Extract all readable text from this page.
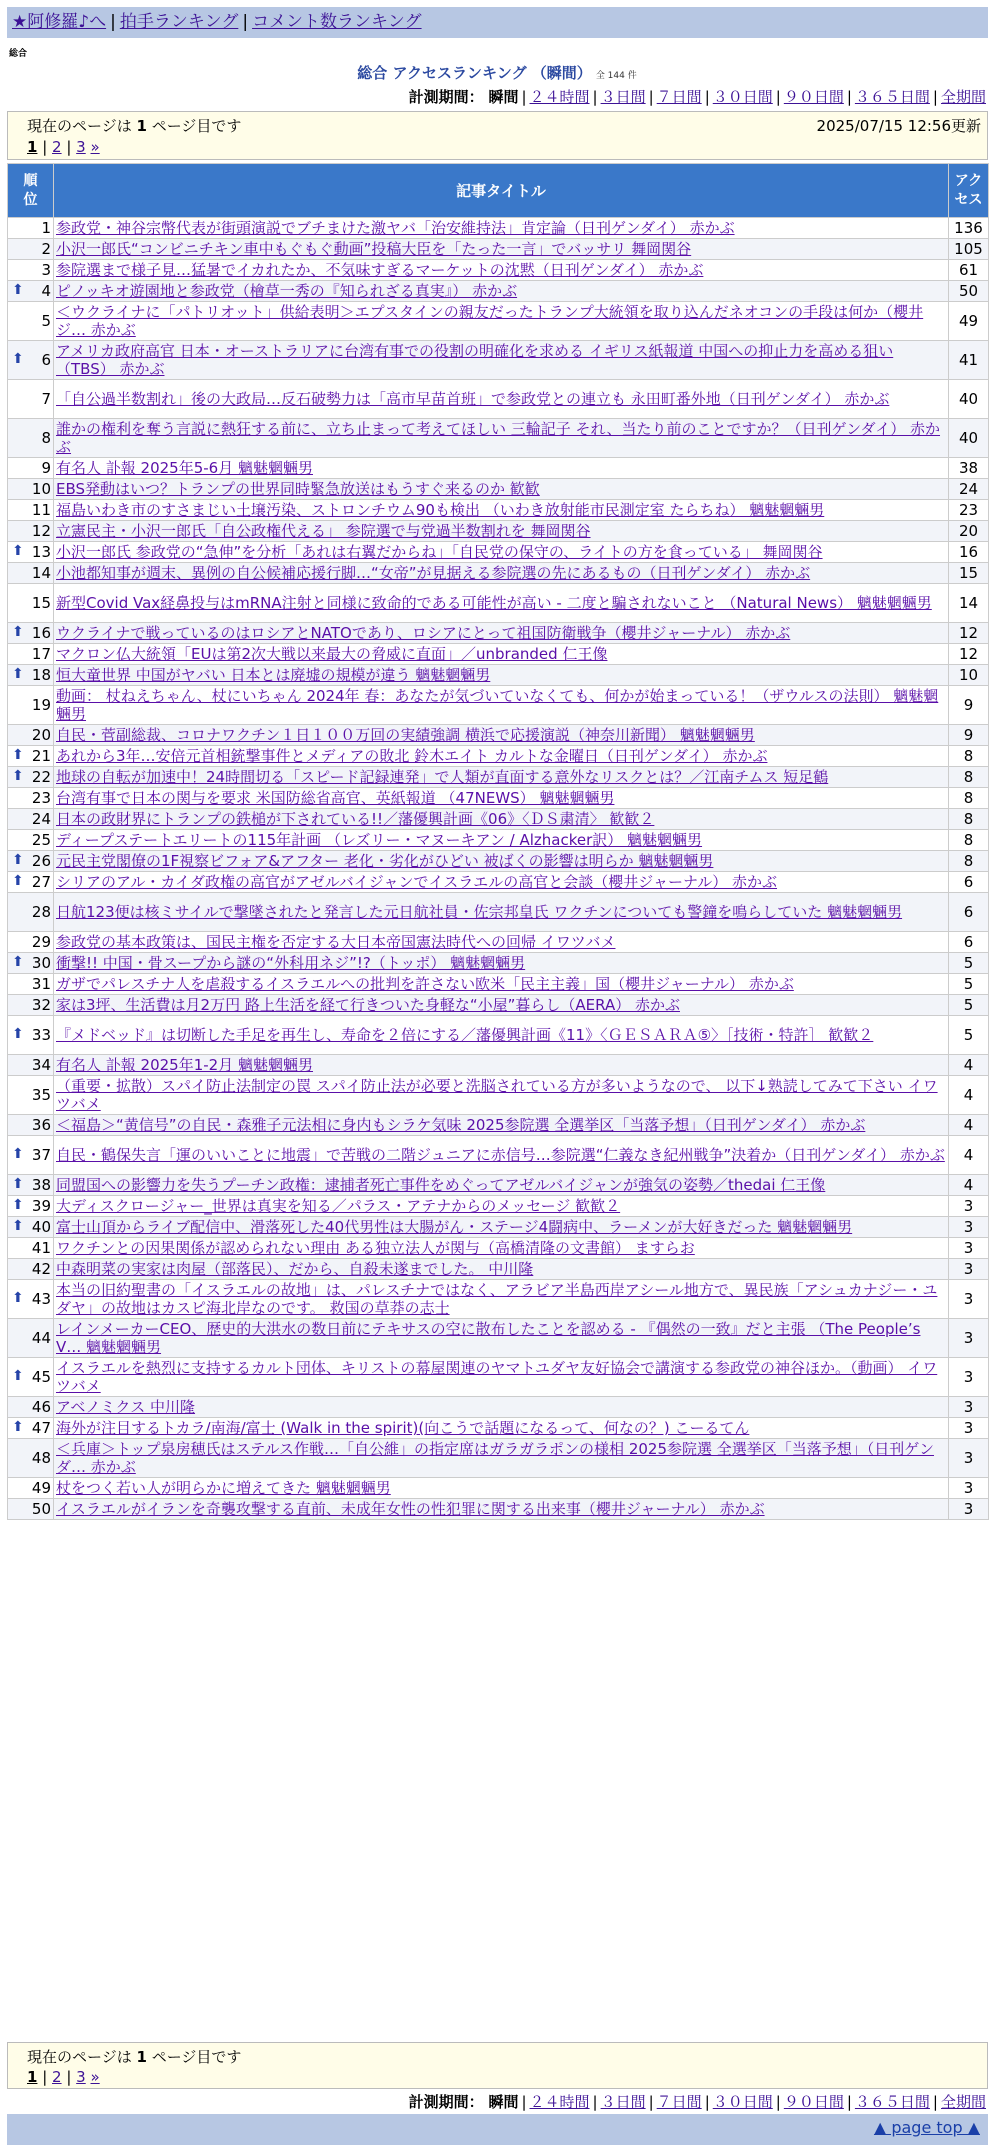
★阿修羅♪へ | 拍手ランキング | コメント数ランキング
総合
総合 アクセスランキング （瞬間） 全 144 件
計測期間： 瞬間 | ２４時間 | ３日間 | ７日間 | ３０日間 | ９０日間 | ３６５日間 | 全期間
現在のページは 1 ページ目です	2025/07/15 12:56更新
1 | 2 | 3 »
順
位	記事タイトル	アク
セス
1	参政党・神谷宗幣代表が街頭演説でブチまけた激ヤバ「治安維持法」肯定論（日刊ゲンダイ） 赤かぶ	136
2	小沢一郎氏“コンビニチキン車中もぐもぐ動画”投稿大臣を「たった一言」でバッサリ 舞岡関谷	105
3	参院選まで様子見…猛暑でイカれたか、不気味すぎるマーケットの沈黙（日刊ゲンダイ） 赤かぶ	61

⬆ 4	ピノッキオ遊園地と参政党（檜草一秀の『知られざる真実』） 赤かぶ	50
5	＜ウクライナに「パトリオット」供給表明＞エプスタインの親友だったトランプ大統領を取り込んだネオコンの手段は何か（櫻井ジ… 赤かぶ	49

⬆ 6	アメリカ政府高官 日本・オーストラリアに台湾有事での役割の明確化を求める イギリス紙報道 中国への抑止力を高める狙い（TBS） 赤かぶ	41
7	「自公過半数割れ」後の大政局…反石破勢力は「高市早苗首班」で参政党との連立も 永田町番外地（日刊ゲンダイ） 赤かぶ	40
8	誰かの権利を奪う言説に熱狂する前に、立ち止まって考えてほしい 三輪記子 それ、当たり前のことですか？（日刊ゲンダイ） 赤かぶ	40
9	有名人 訃報 2025年5-6月 魑魅魍魎男	38
10	EBS発動はいつ？トランプの世界同時緊急放送はもうすぐ来るのか 歓歓	24
11	福島いわき市のすさまじい土壌汚染、ストロンチウム90も検出 （いわき放射能市民測定室 たらちね） 魑魅魍魎男	23
12	立憲民主・小沢一郎氏「自公政権代える」 参院選で与党過半数割れを 舞岡関谷	20

⬆ 13	小沢一郎氏 参政党の“急伸”を分析「あれは右翼だからね」「自民党の保守の、ライトの方を食っている」 舞岡関谷	16
14	小池都知事が週末、異例の自公候補応援行脚…“女帝”が見据える参院選の先にあるもの（日刊ゲンダイ） 赤かぶ	15
15	新型Covid Vax経鼻投与はmRNA注射と同様に致命的である可能性が高い - 二度と騙されないこと （Natural News） 魑魅魍魎男	14

⬆ 16	ウクライナで戦っているのはロシアとNATOであり、ロシアにとって祖国防衛戦争（櫻井ジャーナル） 赤かぶ	12
17	マクロン仏大統領「EUは第2次大戦以来最大の脅威に直面」／unbranded 仁王像	12

⬆ 18	恒大童世界 中国がヤバい 日本とは廃墟の規模が違う 魑魅魍魎男	10
19	動画： 杖ねえちゃん、杖にいちゃん 2024年 春：あなたが気づいていなくても、何かが始まっている！（ザウルスの法則） 魑魅魍魎男	9
20	自民・菅副総裁、コロナワクチン１日１００万回の実績強調 横浜で応援演説（神奈川新聞） 魑魅魍魎男	9

⬆ 21	あれから3年…安倍元首相銃撃事件とメディアの敗北 鈴木エイト カルトな金曜日（日刊ゲンダイ） 赤かぶ	8

⬆ 22	地球の自転が加速中！24時間切る「スピード記録連発」で人類が直面する意外なリスクとは？／江南チムス 短足鶴	8
23	台湾有事で日本の関与を要求 米国防総省高官、英紙報道 （47NEWS） 魑魅魍魎男	8
24	日本の政財界にトランプの鉄槌が下されている!!／藩優興計画《06》〈ＤＳ粛清〉 歓歓２	8
25	ディープステートエリートの115年計画 （レズリー・マヌーキアン / Alzhacker訳） 魑魅魍魎男	8

⬆ 26	元民主党閣僚の1F視察ビフォア&アフター 老化・劣化がひどい 被ばくの影響は明らか 魑魅魍魎男	8

⬆ 27	シリアのアル・カイダ政権の高官がアゼルバイジャンでイスラエルの高官と会談（櫻井ジャーナル） 赤かぶ	6
28	日航123便は核ミサイルで撃墜されたと発言した元日航社員・佐宗邦皇氏 ワクチンについても警鐘を鳴らしていた 魑魅魍魎男	6
29	参政党の基本政策は、国民主権を否定する大日本帝国憲法時代への回帰 イワツバメ	6

⬆ 30	衝撃!! 中国・骨スープから謎の“外科用ネジ”!?（トッポ） 魑魅魍魎男	5
31	ガザでパレスチナ人を虐殺するイスラエルへの批判を許さない欧米「民主主義」国（櫻井ジャーナル） 赤かぶ	5
32	家は3坪、生活費は月2万円 路上生活を経て行きついた身軽な“小屋”暮らし（AERA） 赤かぶ	5

⬆ 33	『メドベッド』は切断した手足を再生し、寿命を２倍にする／藩優興計画《11》〈ＧＥＳＡＲＡ⑤〉［技術・特許］ 歓歓２	5
34	有名人 訃報 2025年1-2月 魑魅魍魎男	4
35	（重要・拡散）スパイ防止法制定の罠 スパイ防止法が必要と洗脳されている方が多いようなので、 以下↓熟読してみて下さい イワツバメ	4
36	＜福島＞“黄信号”の自民・森雅子元法相に身内もシラケ気味 2025参院選 全選挙区「当落予想」（日刊ゲンダイ） 赤かぶ	4

⬆ 37	自民・鶴保失言「運のいいことに地震」で苦戦の二階ジュニアに赤信号…参院選“仁義なき紀州戦争”決着か（日刊ゲンダイ） 赤かぶ	4

⬆ 38	同盟国への影響力を失うプーチン政権：逮捕者死亡事件をめぐってアゼルバイジャンが強気の姿勢／thedai 仁王像	4

⬆ 39	大ディスクロージャー_世界は真実を知る／パラス・アテナからのメッセージ 歓歓２	3

⬆ 40	富士山頂からライブ配信中、滑落死した40代男性は大腸がん・ステージ4闘病中、ラーメンが大好きだった 魑魅魍魎男	3
41	ワクチンとの因果関係が認められない理由 ある独立法人が関与（高橋清隆の文書館） ますらお	3
42	中森明菜の実家は肉屋（部落民）、だから、自殺未遂までした。 中川隆	3

⬆ 43	本当の旧約聖書の「イスラエルの故地」は、パレスチナではなく、アラビア半島西岸アシール地方で、異民族「アシュカナジー・ユダヤ」の故地はカスピ海北岸なのです。 救国の草莽の志士	3
44	レインメーカーCEO、歴史的大洪水の数日前にテキサスの空に散布したことを認める - 『偶然の一致』だと主張 （The People’s V… 魑魅魍魎男	3

⬆ 45	イスラエルを熱烈に支持するカルト団体、キリストの幕屋関連のヤマトユダヤ友好協会で講演する参政党の神谷ほか。（動画） イワツバメ	3
46	アベノミクス 中川隆	3

⬆ 47	海外が注目するトカラ/南海/富士 (Walk in the spirit)(向こうで話題になるって、何なの？) こーるてん	3
48	＜兵庫＞トップ泉房穂氏はステルス作戦…「自公維」の指定席はガラガラポンの様相 2025参院選 全選挙区「当落予想」（日刊ゲンダ… 赤かぶ	3
49	杖をつく若い人が明らかに増えてきた 魑魅魍魎男	3
50	イスラエルがイランを奇襲攻撃する直前、未成年女性の性犯罪に関する出来事（櫻井ジャーナル） 赤かぶ	3
現在のページは 1 ページ目です
1 | 2 | 3 »
計測期間： 瞬間 | ２４時間 | ３日間 | ７日間 | ３０日間 | ９０日間 | ３６５日間 | 全期間
▲ page top ▲
